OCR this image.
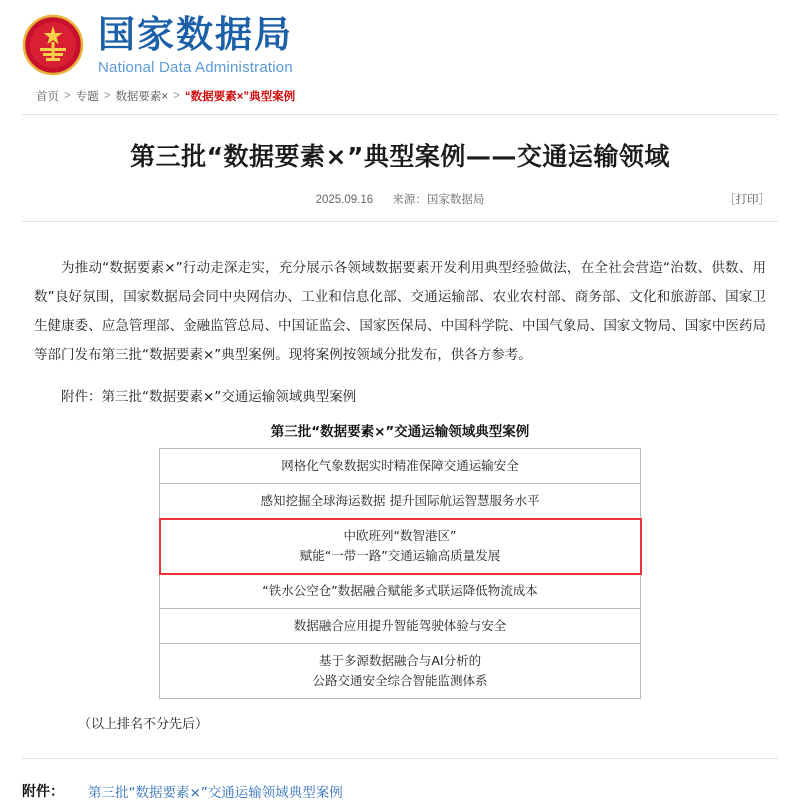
国家数据局
National Data Administration
首页 > 专题 > 数据要素× > “数据要素×”典型案例
第三批“数据要素×”典型案例——交通运输领域
2025.09.16 来源：国家数据局	［打印］

为推动“数据要素×”行动走深走实，充分展示各领域数据要素开发利用典型经验做法，在全社会营造“治数、供数、用数”良好氛围，国家数据局会同中央网信办、工业和信息化部、交通运输部、农业农村部、商务部、文化和旅游部、国家卫生健康委、应急管理部、金融监管总局、中国证监会、国家医保局、中国科学院、中国气象局、国家文物局、国家中医药局等部门发布第三批“数据要素×”典型案例。现将案例按领域分批发布，供各方参考。

附件：第三批“数据要素×”交通运输领域典型案例
第三批“数据要素×”交通运输领域典型案例
网格化气象数据实时精准保障交通运输安全
感知挖掘全球海运数据 提升国际航运智慧服务水平

中欧班列“数智港区”
赋能“一带一路”交通运输高质量发展

“铁水公空仓”数据融合赋能多式联运降低物流成本
数据融合应用提升智能驾驶体验与安全

基于多源数据融合与AI分析的
公路交通安全综合智能监测体系
（以上排名不分先后）
附件： 第三批“数据要素×”交通运输领域典型案例
